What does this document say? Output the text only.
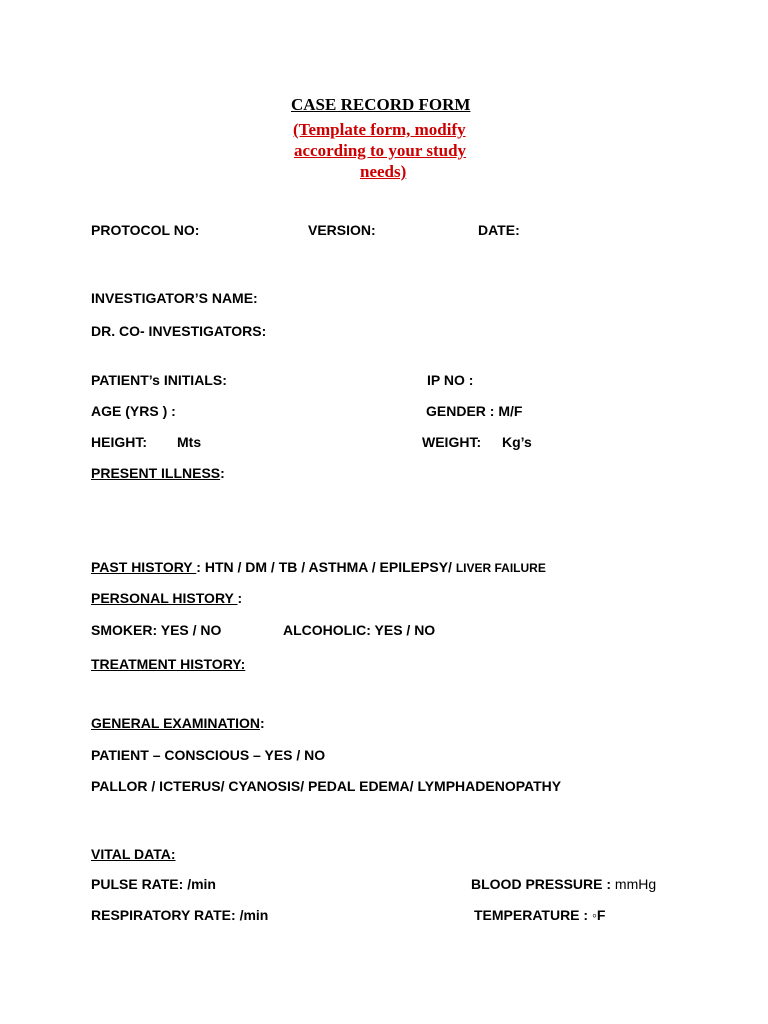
CASE RECORD FORM
(Template form, modify
according to your study
needs)
PROTOCOL NO:	VERSION:	DATE:
INVESTIGATOR’S NAME:
DR. CO- INVESTIGATORS:
PATIENT’s INITIALS:	IP NO :
AGE (YRS ) :	GENDER : M/F
HEIGHT: Mts	WEIGHT: Kg’s
PRESENT ILLNESS:
PAST HISTORY : HTN / DM / TB / ASTHMA / EPILEPSY/ LIVER FAILURE
PERSONAL HISTORY :
SMOKER: YES / NO	ALCOHOLIC: YES / NO
TREATMENT HISTORY:
GENERAL EXAMINATION:
PATIENT – CONSCIOUS – YES / NO
PALLOR / ICTERUS/ CYANOSIS/ PEDAL EDEMA/ LYMPHADENOPATHY
VITAL DATA:
PULSE RATE: /min	BLOOD PRESSURE : mmHg
RESPIRATORY RATE: /min	TEMPERATURE : ◦F
